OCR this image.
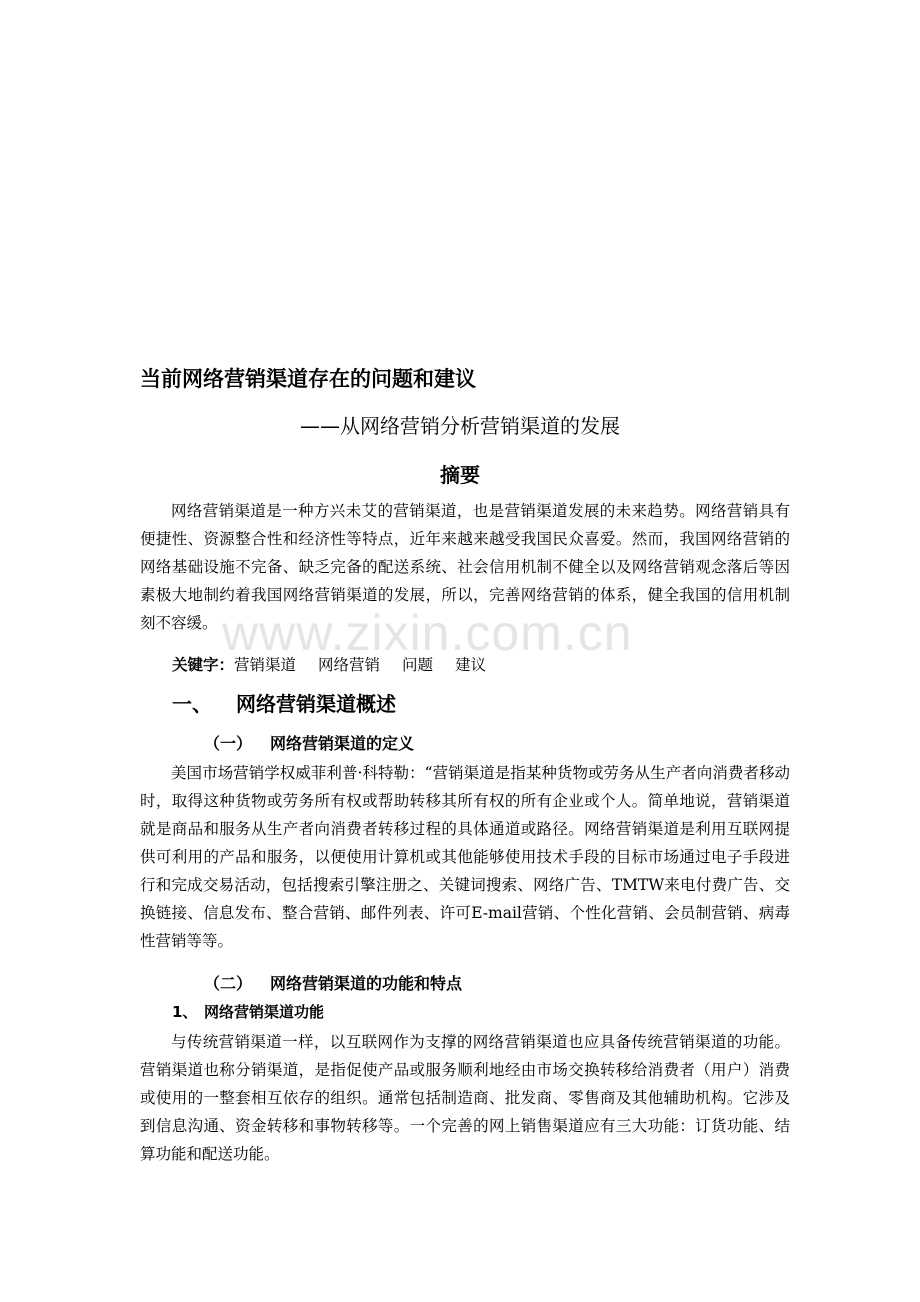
www.zixin.com.cn
当前网络营销渠道存在的问题和建议
——从网络营销分析营销渠道的发展
摘要
网络营销渠道是一种方兴未艾的营销渠道，也是营销渠道发展的未来趋势。网络营销具有便捷性、资源整合性和经济性等特点，近年来越来越受我国民众喜爱。然而，我国网络营销的网络基础设施不完备、缺乏完备的配送系统、社会信用机制不健全以及网络营销观念落后等因素极大地制约着我国网络营销渠道的发展，所以，完善网络营销的体系，健全我国的信用机制刻不容缓。
关键字：营销渠道 网络营销 问题 建议
一、 网络营销渠道概述
（一） 网络营销渠道的定义
美国市场营销学权威菲利普·科特勒：“营销渠道是指某种货物或劳务从生产者向消费者移动时，取得这种货物或劳务所有权或帮助转移其所有权的所有企业或个人。简单地说，营销渠道就是商品和服务从生产者向消费者转移过程的具体通道或路径。网络营销渠道是利用互联网提供可利用的产品和服务，以便使用计算机或其他能够使用技术手段的目标市场通过电子手段进行和完成交易活动，包括搜索引擎注册之、关键词搜索、网络广告、TMTW来电付费广告、交换链接、信息发布、整合营销、邮件列表、许可E-mail营销、个性化营销、会员制营销、病毒性营销等等。
（二） 网络营销渠道的功能和特点
1、 网络营销渠道功能
与传统营销渠道一样，以互联网作为支撑的网络营销渠道也应具备传统营销渠道的功能。营销渠道也称分销渠道，是指促使产品或服务顺利地经由市场交换转移给消费者（用户）消费或使用的一整套相互依存的组织。通常包括制造商、批发商、零售商及其他辅助机构。它涉及到信息沟通、资金转移和事物转移等。一个完善的网上销售渠道应有三大功能：订货功能、结算功能和配送功能。
